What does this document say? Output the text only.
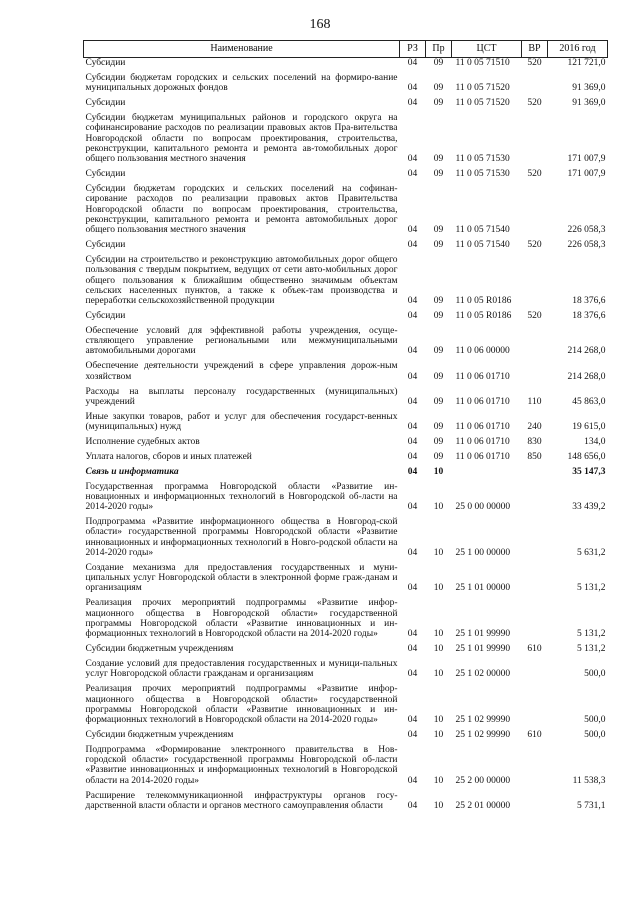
168
Наименование	РЗ	Пр	ЦСТ	ВР	2016 год
Субсидии	04	09	11 0 05 71510	520	121 721,0
Субсидии бюджетам городских и сельских поселений на формиро-вание муниципальных дорожных фондов	04	09	11 0 05 71520		91 369,0
Субсидии	04	09	11 0 05 71520	520	91 369,0
Субсидии бюджетам муниципальных районов и городского округа на софинансирование расходов по реализации правовых актов Пра-вительства Новгородской области по вопросам проектирования, строительства, реконструкции, капитального ремонта и ремонта ав-томобильных дорог общего пользования местного значения	04	09	11 0 05 71530		171 007,9
Субсидии	04	09	11 0 05 71530	520	171 007,9
Субсидии бюджетам городских и сельских поселений на софинан-сирование расходов по реализации правовых актов Правительства Новгородской области по вопросам проектирования, строительства, реконструкции, капитального ремонта и ремонта автомобильных дорог общего пользования местного значения	04	09	11 0 05 71540		226 058,3
Субсидии	04	09	11 0 05 71540	520	226 058,3
Субсидии на строительство и реконструкцию автомобильных дорог общего пользования с твердым покрытием, ведущих от сети авто-мобильных дорог общего пользования к ближайшим общественно значимым объектам сельских населенных пунктов, а также к объек-там производства и переработки сельскохозяйственной продукции	04	09	11 0 05 R0186		18 376,6
Субсидии	04	09	11 0 05 R0186	520	18 376,6
Обеспечение условий для эффективной работы учреждения, осуще-ствляющего управление региональными или межмуниципальными автомобильными дорогами	04	09	11 0 06 00000		214 268,0
Обеспечение деятельности учреждений в сфере управления дорож-ным хозяйством	04	09	11 0 06 01710		214 268,0
Расходы на выплаты персоналу государственных (муниципальных) учреждений	04	09	11 0 06 01710	110	45 863,0
Иные закупки товаров, работ и услуг для обеспечения государст-венных (муниципальных) нужд	04	09	11 0 06 01710	240	19 615,0
Исполнение судебных актов	04	09	11 0 06 01710	830	134,0
Уплата налогов, сборов и иных платежей	04	09	11 0 06 01710	850	148 656,0
Связь и информатика	04	10			35 147,3
Государственная программа Новгородской области «Развитие ин-новационных и информационных технологий в Новгородской об-ласти на 2014-2020 годы»	04	10	25 0 00 00000		33 439,2
Подпрограмма «Развитие информационного общества в Новгород-ской области» государственной программы Новгородской области «Развитие инновационных и информационных технологий в Новго-родской области на 2014-2020 годы»	04	10	25 1 00 00000		5 631,2
Создание механизма для предоставления государственных и муни-ципальных услуг Новгородской области в электронной форме граж-данам и организациям	04	10	25 1 01 00000		5 131,2
Реализация прочих мероприятий подпрограммы «Развитие инфор-мационного общества в Новгородской области» государственной программы Новгородской области «Развитие инновационных и ин-формационных технологий в Новгородской области на 2014-2020 годы»	04	10	25 1 01 99990		5 131,2
Субсидии бюджетным учреждениям	04	10	25 1 01 99990	610	5 131,2
Создание условий для предоставления государственных и муници-пальных услуг Новгородской области гражданам и организациям	04	10	25 1 02 00000		500,0
Реализация прочих мероприятий подпрограммы «Развитие инфор-мационного общества в Новгородской области» государственной программы Новгородской области «Развитие инновационных и ин-формационных технологий в Новгородской области на 2014-2020 годы»	04	10	25 1 02 99990		500,0
Субсидии бюджетным учреждениям	04	10	25 1 02 99990	610	500,0
Подпрограмма «Формирование электронного правительства в Нов-городской области» государственной программы Новгородской об-ласти «Развитие инновационных и информационных технологий в Новгородской области на 2014-2020 годы»	04	10	25 2 00 00000		11 538,3
Расширение телекоммуникационной инфраструктуры органов госу-дарственной власти области и органов местного самоуправления области	04	10	25 2 01 00000		5 731,1
